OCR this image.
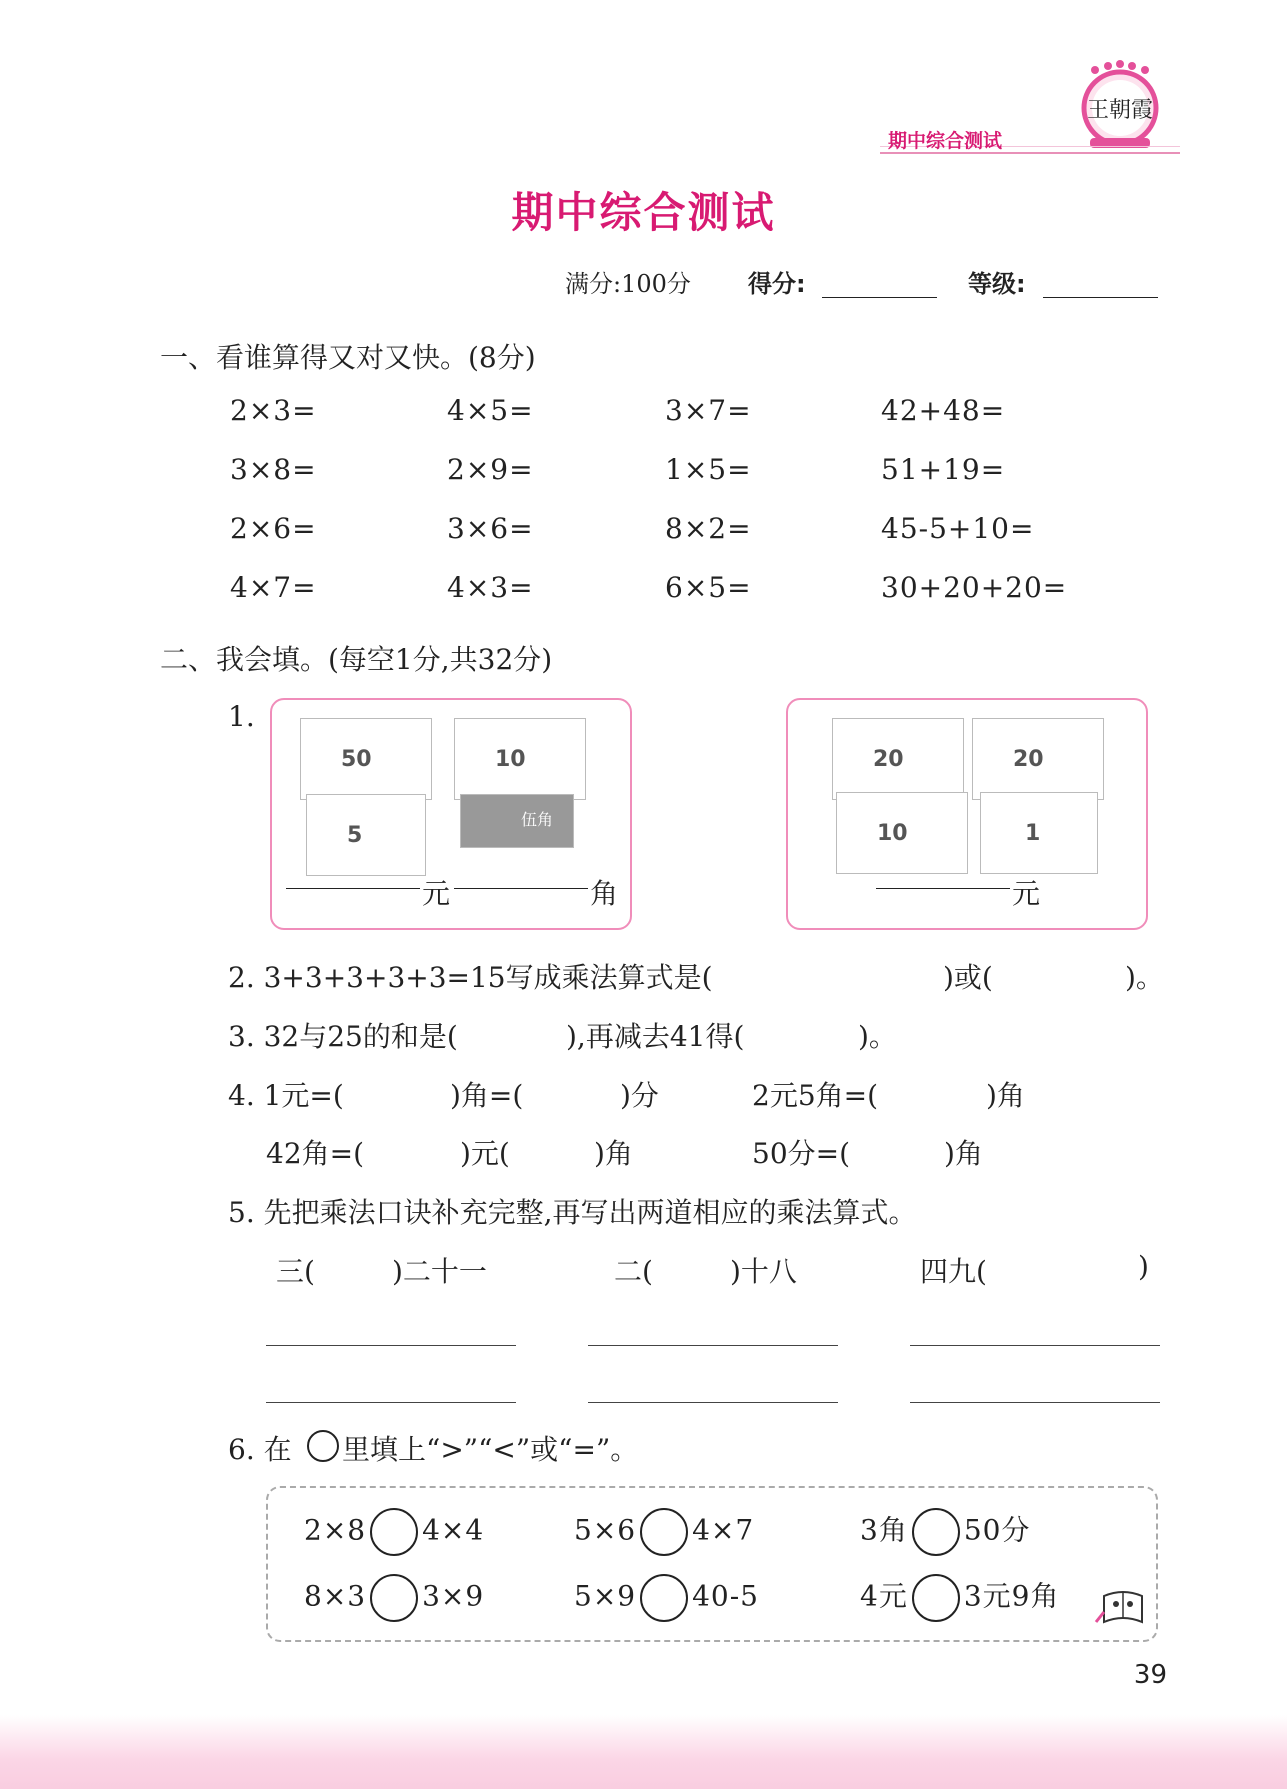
王朝霞
期中综合测试
期中综合测试
满分:100分 得分:	等级:
一、看谁算得又对又快。(8分)
2×3=	4×5=	3×7=	42+48=
3×8=	2×9=	1×5=	51+19=
2×6=	3×6=	8×2=	45-5+10=
4×7=	4×3=	6×5=	30+20+20=
二、我会填。(每空1分,共32分)
1.
50	10
5
伍角
元	角
20	20
10	1
元
2. 3+3+3+3+3=15写成乘法算式是(	)或(	)。
3. 32与25的和是(	),再减去41得(	)。
4. 1元=(	)角=(	)分	2元5角=(	)角
42角=(	)元(	)角	50分=(	)角
5. 先把乘法口诀补充完整,再写出两道相应的乘法算式。
三(	)二十一	二(	)十八	四九(	)
6. 在 里填上“>”“<”或“=”。
2×8 4×4	5×6 4×7	3角 50分
8×3 3×9	5×9 40-5	4元 3元9角
39
